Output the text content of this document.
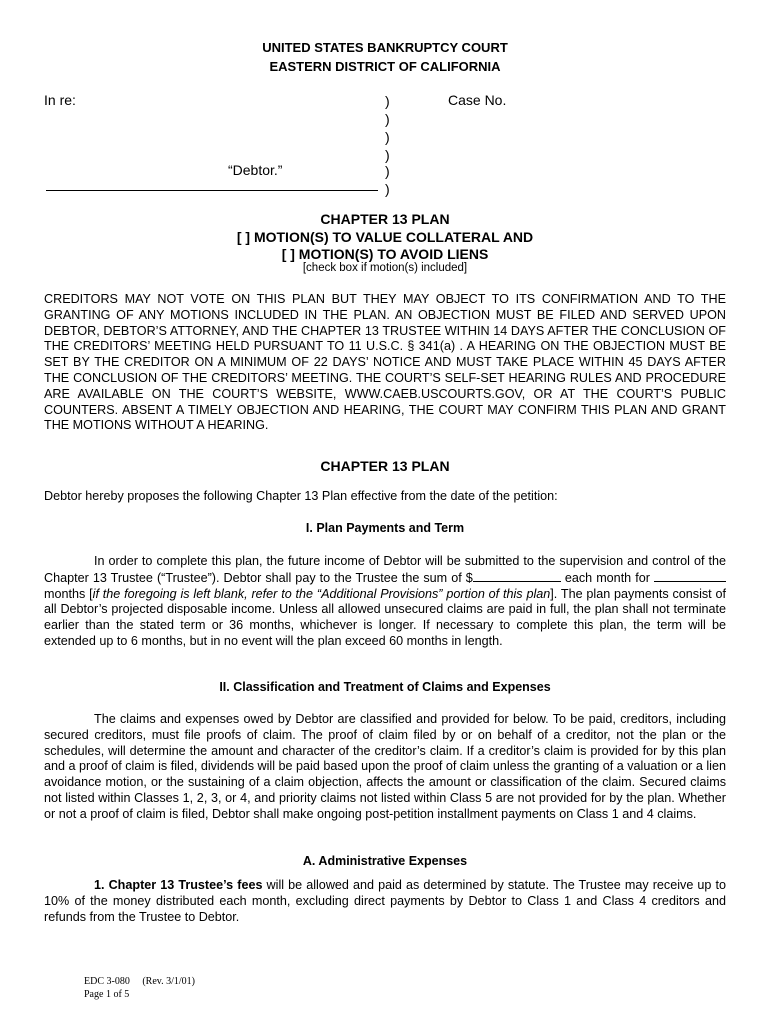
UNITED STATES BANKRUPTCY COURT
EASTERN DISTRICT OF CALIFORNIA
In re:	)
)
)
)
)
)
Case No.
“Debtor.”
CHAPTER 13 PLAN
[ ] MOTION(S) TO VALUE COLLATERAL AND
[ ] MOTION(S) TO AVOID LIENS
[check box if motion(s) included]
CREDITORS MAY NOT VOTE ON THIS PLAN BUT THEY MAY OBJECT TO ITS CONFIRMATION AND TO THE GRANTING OF ANY MOTIONS INCLUDED IN THE PLAN. AN OBJECTION MUST BE FILED AND SERVED UPON DEBTOR, DEBTOR’S ATTORNEY, AND THE CHAPTER 13 TRUSTEE WITHIN 14 DAYS AFTER THE CONCLUSION OF THE CREDITORS’ MEETING HELD PURSUANT TO 11 U.S.C. § 341(a) . A HEARING ON THE OBJECTION MUST BE SET BY THE CREDITOR ON A MINIMUM OF 22 DAYS’ NOTICE AND MUST TAKE PLACE WITHIN 45 DAYS AFTER THE CONCLUSION OF THE CREDITORS’ MEETING. THE COURT’S SELF-SET HEARING RULES AND PROCEDURE ARE AVAILABLE ON THE COURT’S WEBSITE, WWW.CAEB.USCOURTS.GOV, OR AT THE COURT’S PUBLIC COUNTERS. ABSENT A TIMELY OBJECTION AND HEARING, THE COURT MAY CONFIRM THIS PLAN AND GRANT THE MOTIONS WITHOUT A HEARING.
CHAPTER 13 PLAN
Debtor hereby proposes the following Chapter 13 Plan effective from the date of the petition:
I. Plan Payments and Term
In order to complete this plan, the future income of Debtor will be submitted to the supervision and control of the Chapter 13 Trustee (“Trustee”). Debtor shall pay to the Trustee the sum of $	each month for  months [if the foregoing is left blank, refer to the “Additional Provisions” portion of this plan]. The plan payments consist of all Debtor’s projected disposable income. Unless all allowed unsecured claims are paid in full, the plan shall not terminate earlier than the stated term or 36 months, whichever is longer. If necessary to complete this plan, the term will be extended up to 6 months, but in no event will the plan exceed 60 months in length.
II. Classification and Treatment of Claims and Expenses
The claims and expenses owed by Debtor are classified and provided for below. To be paid, creditors, including secured creditors, must file proofs of claim. The proof of claim filed by or on behalf of a creditor, not the plan or the schedules, will determine the amount and character of the creditor’s claim. If a creditor’s claim is provided for by this plan and a proof of claim is filed, dividends will be paid based upon the proof of claim unless the granting of a valuation or a lien avoidance motion, or the sustaining of a claim objection, affects the amount or classification of the claim. Secured claims not listed within Classes 1, 2, 3, or 4, and priority claims not listed within Class 5 are not provided for by the plan. Whether or not a proof of claim is filed, Debtor shall make ongoing post-petition installment payments on Class 1 and 4 claims.
A. Administrative Expenses
1. Chapter 13 Trustee’s fees will be allowed and paid as determined by statute. The Trustee may receive up to 10% of the money distributed each month, excluding direct payments by Debtor to Class 1 and Class 4 creditors and refunds from the Trustee to Debtor.
EDC 3-080     (Rev. 3/1/01)
Page 1 of 5
